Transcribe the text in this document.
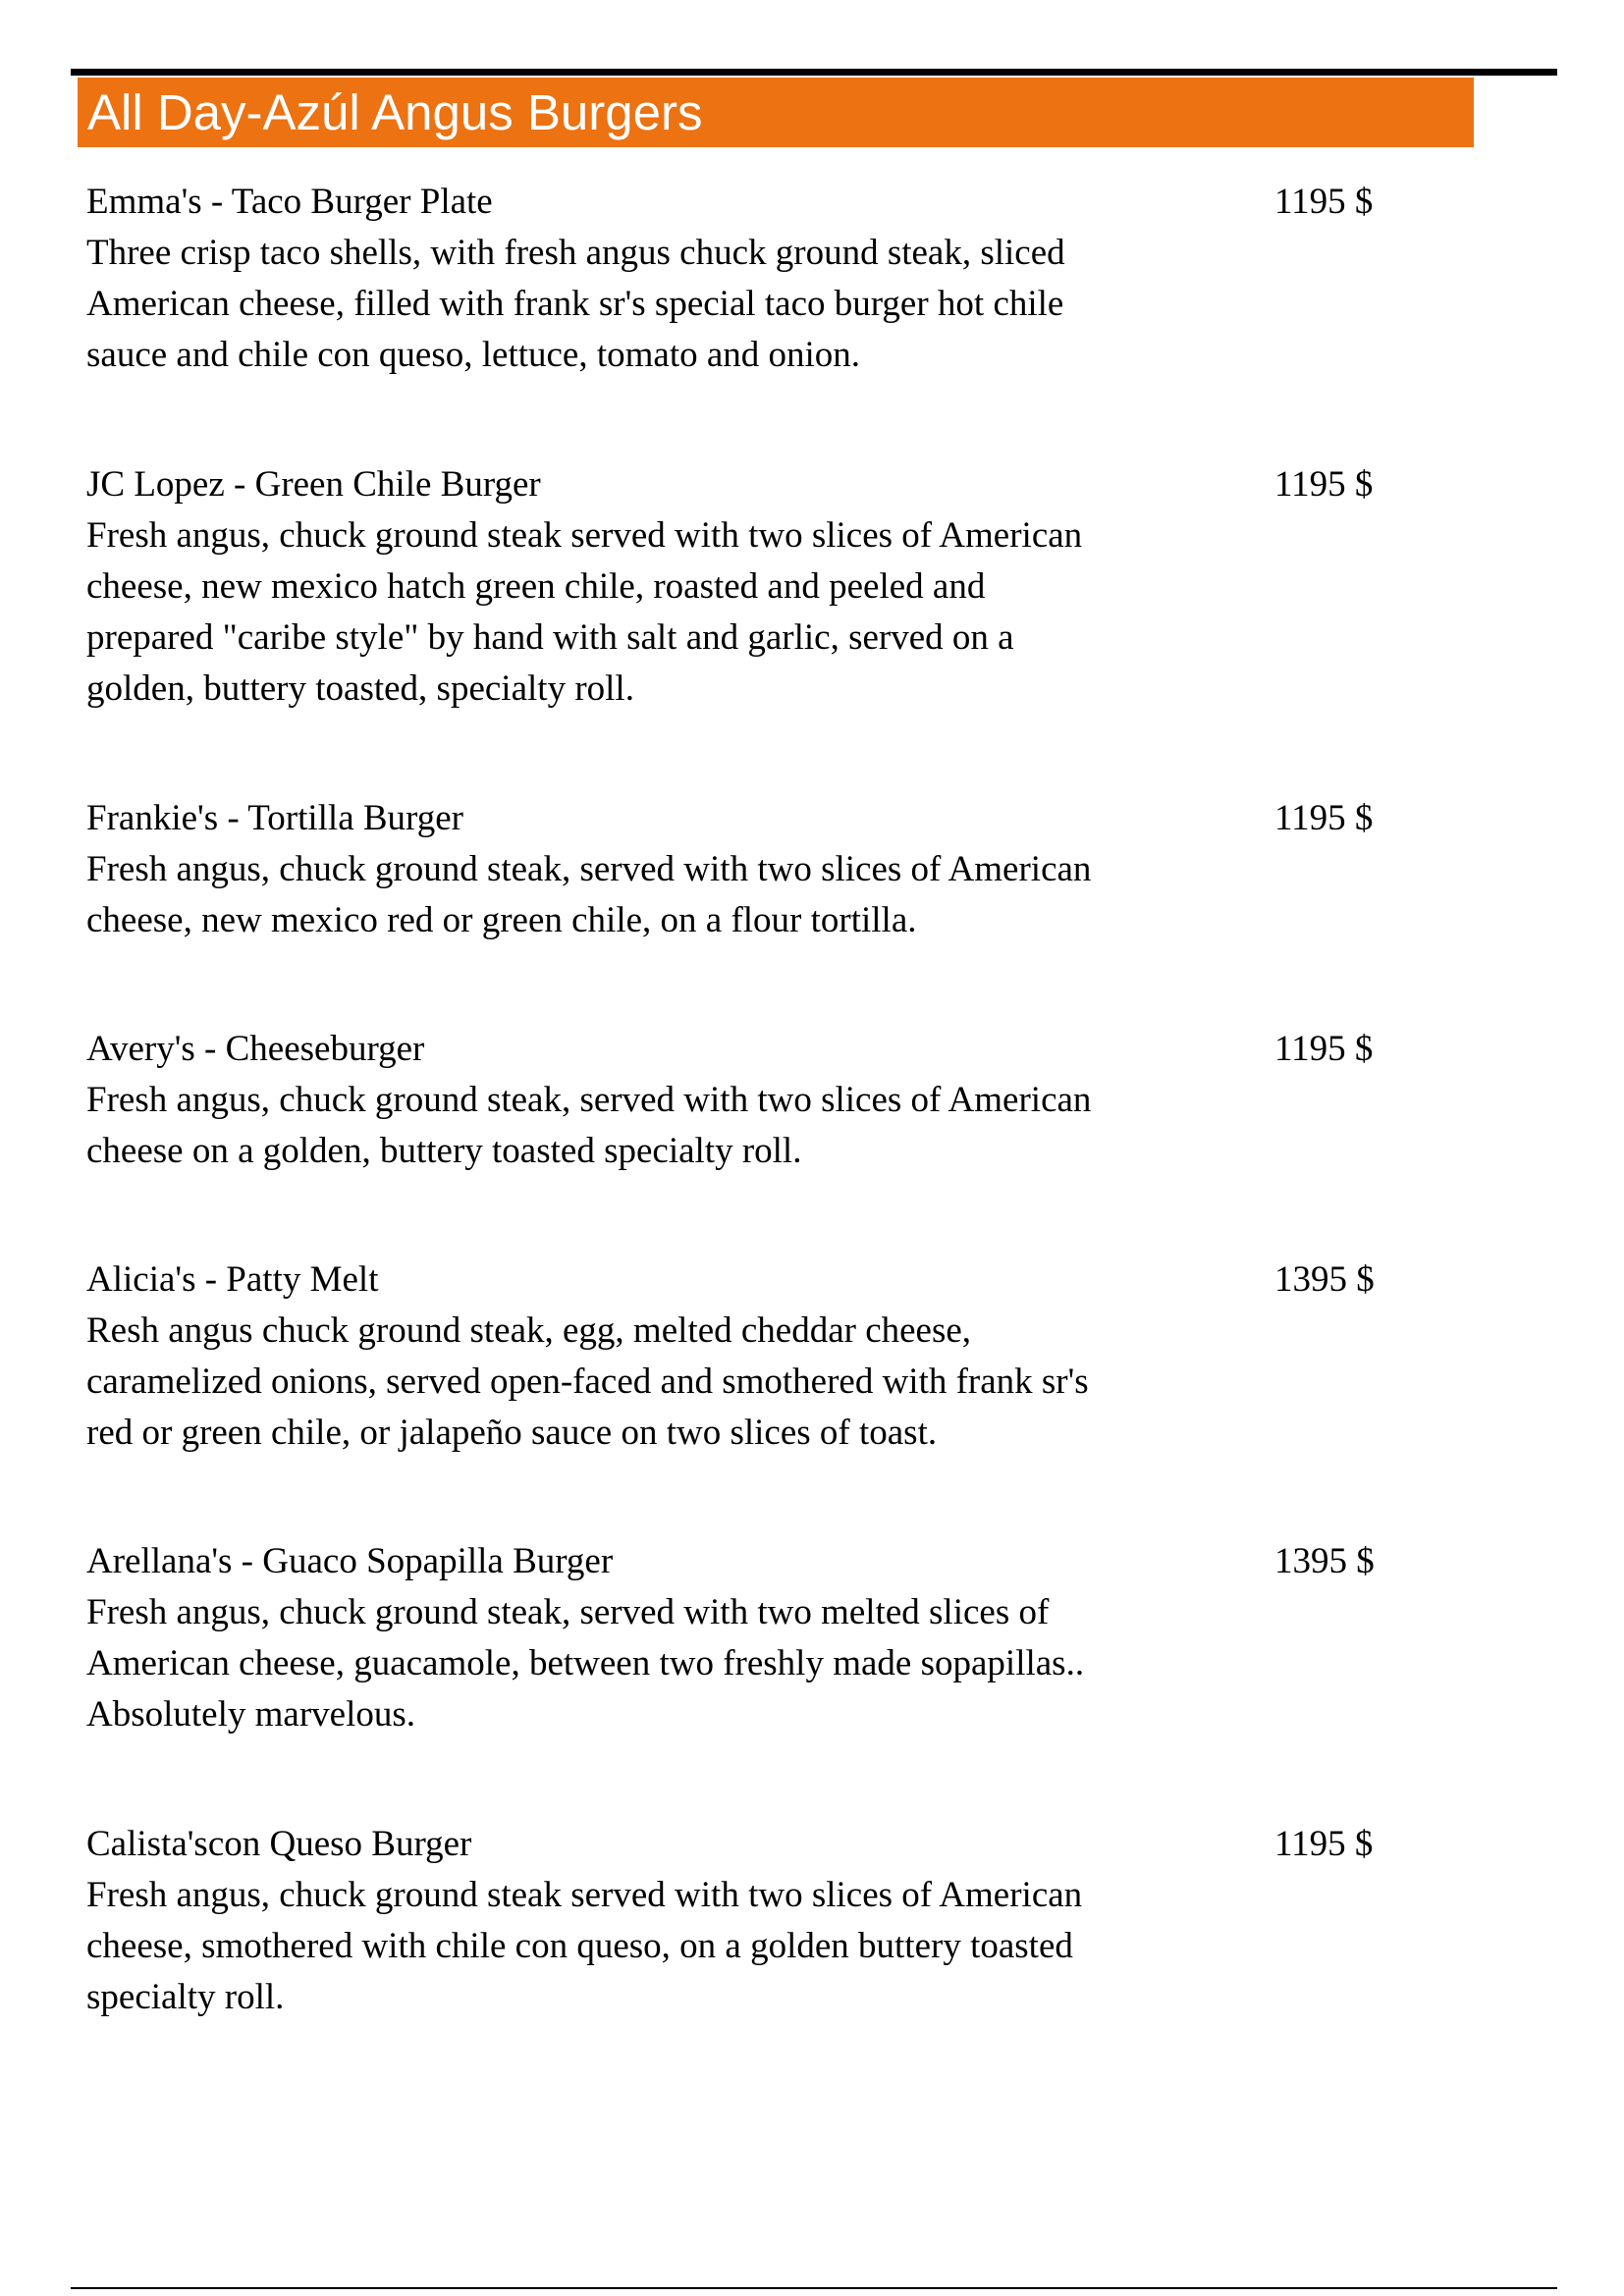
All Day-Azúl Angus Burgers
Emma's - Taco Burger Plate	1195 $
Three crisp taco shells, with fresh angus chuck ground steak, sliced
American cheese, filled with frank sr's special taco burger hot chile
sauce and chile con queso, lettuce, tomato and onion.
JC Lopez - Green Chile Burger	1195 $
Fresh angus, chuck ground steak served with two slices of American
cheese, new mexico hatch green chile, roasted and peeled and
prepared "caribe style" by hand with salt and garlic, served on a
golden, buttery toasted, specialty roll.
Frankie's - Tortilla Burger	1195 $
Fresh angus, chuck ground steak, served with two slices of American
cheese, new mexico red or green chile, on a flour tortilla.
Avery's - Cheeseburger	1195 $
Fresh angus, chuck ground steak, served with two slices of American
cheese on a golden, buttery toasted specialty roll.
Alicia's - Patty Melt	1395 $
Resh angus chuck ground steak, egg, melted cheddar cheese,
caramelized onions, served open-faced and smothered with frank sr's
red or green chile, or jalapeño sauce on two slices of toast.
Arellana's - Guaco Sopapilla Burger	1395 $
Fresh angus, chuck ground steak, served with two melted slices of
American cheese, guacamole, between two freshly made sopapillas..
Absolutely marvelous.
Calista'scon Queso Burger	1195 $
Fresh angus, chuck ground steak served with two slices of American
cheese, smothered with chile con queso, on a golden buttery toasted
specialty roll.
